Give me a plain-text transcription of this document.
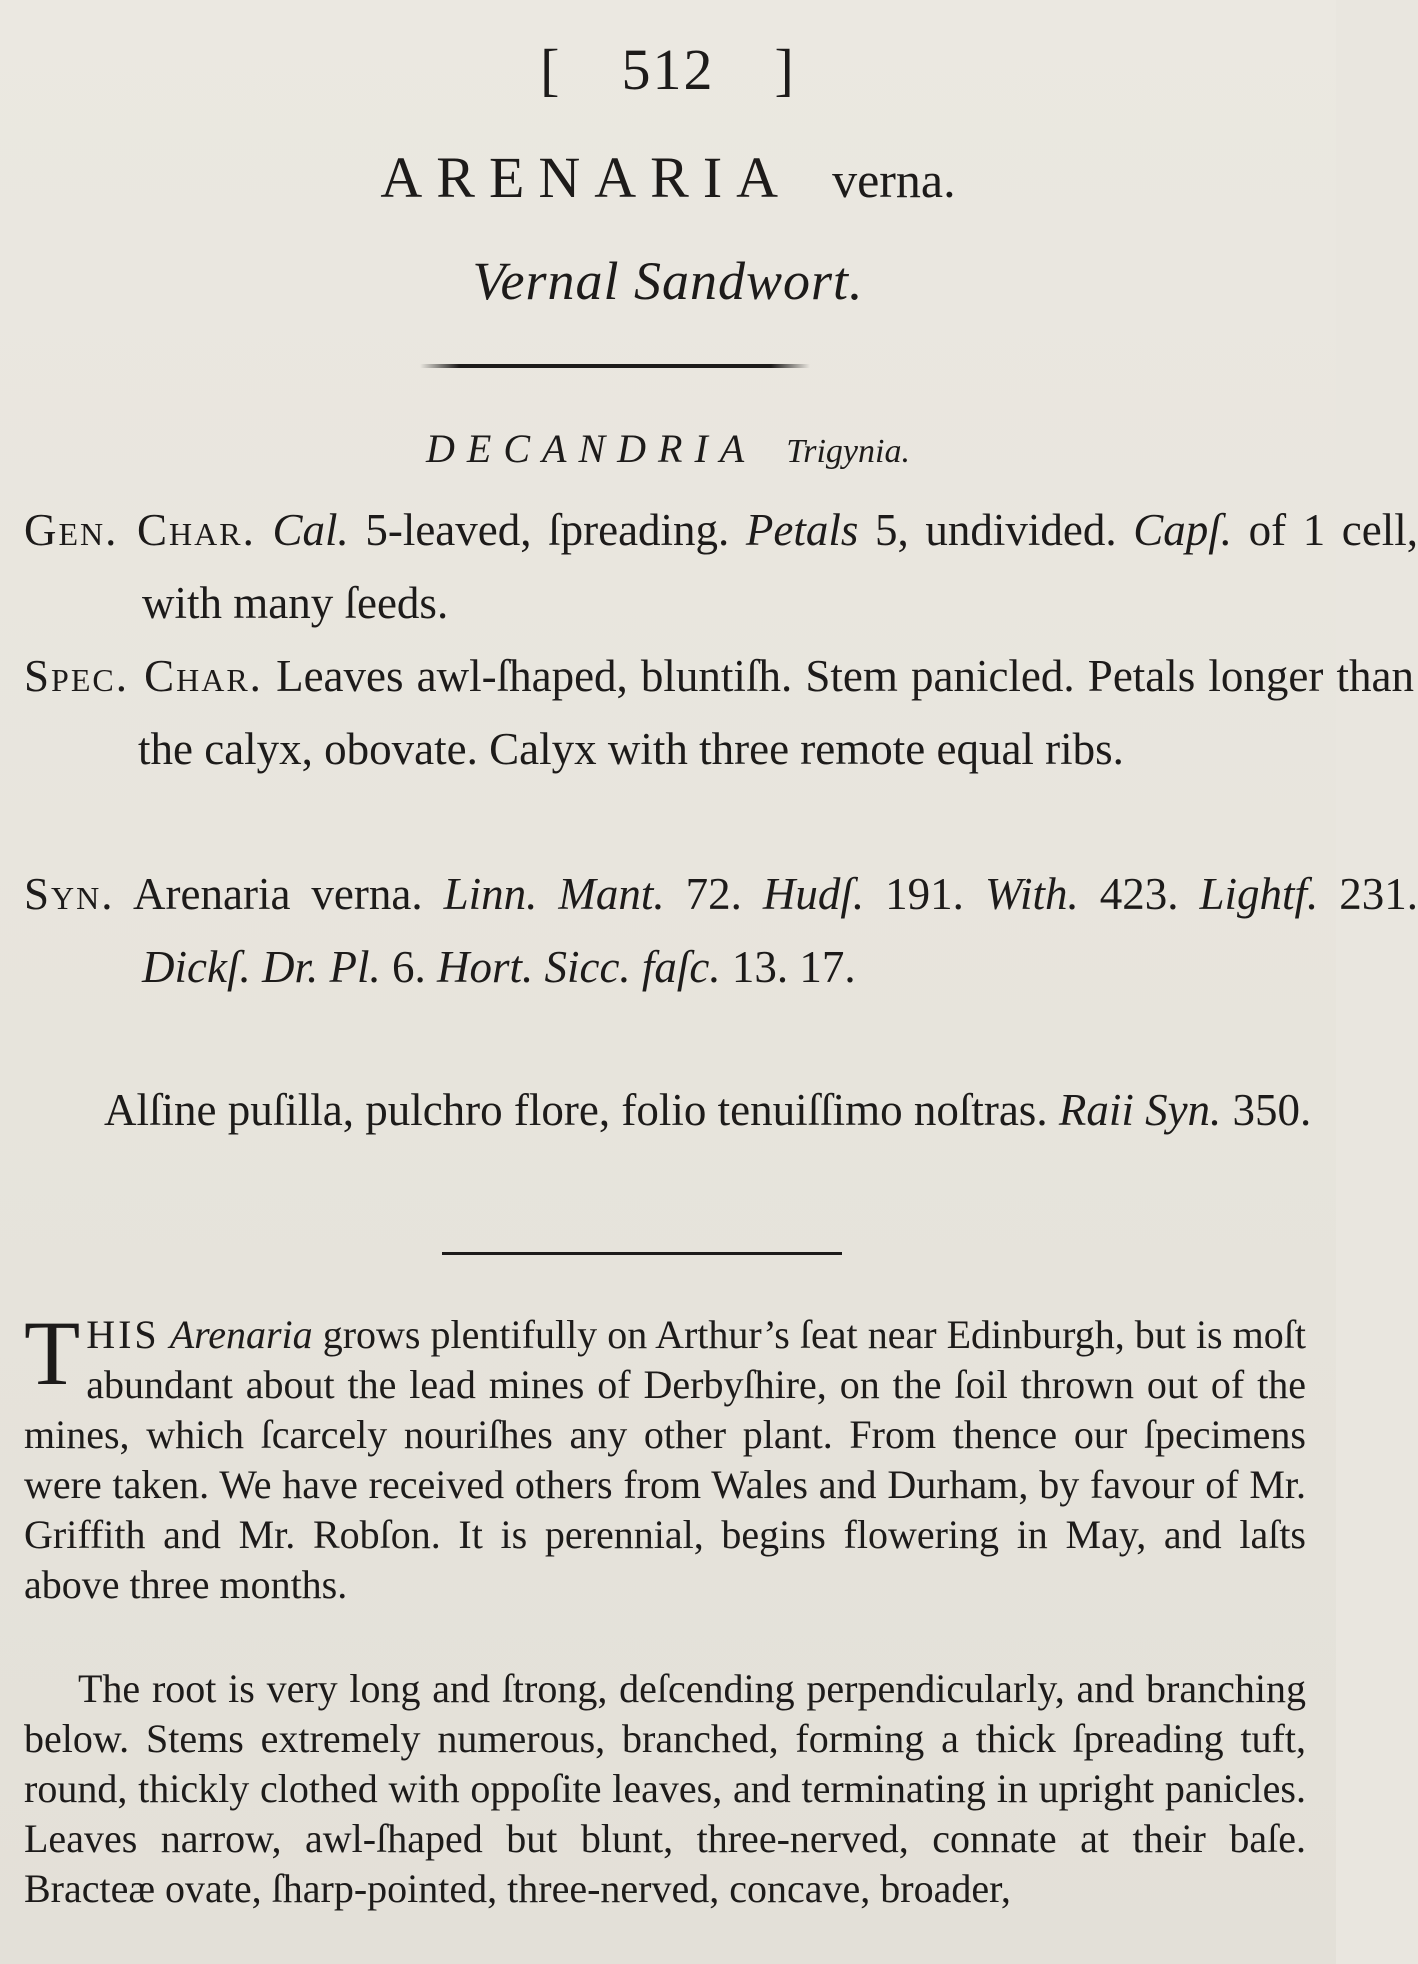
[ 512 ]
ARENARIA verna.
Vernal Sandwort.
DECANDRIA Trigynia.
Gen. Char. Cal. 5-leaved, ſpreading. Petals 5, undivided. Capſ. of 1 cell, with many ſeeds.
Spec. Char. Leaves awl-ſhaped, bluntiſh. Stem panicled. Petals longer than the calyx, obovate. Calyx with three remote equal ribs.
Syn. Arenaria verna. Linn. Mant. 72. Hudſ. 191. With. 423. Lightf. 231. Dickſ. Dr. Pl. 6. Hort. Sicc. faſc. 13. 17.
Alſine puſilla, pulchro flore, folio tenuiſſimo noſtras. Raii Syn. 350.
THIS Arenaria grows plentifully on Arthur’s ſeat near Edinburgh, but is moſt abundant about the lead mines of Derbyſhire, on the ſoil thrown out of the mines, which ſcarcely nouriſhes any other plant. From thence our ſpecimens were taken. We have received others from Wales and Durham, by favour of Mr. Griffith and Mr. Robſon. It is perennial, begins flowering in May, and laſts above three months.
The root is very long and ſtrong, deſcending perpendicularly, and branching below. Stems extremely numerous, branched, forming a thick ſpreading tuft, round, thickly clothed with oppoſite leaves, and terminating in upright panicles. Leaves narrow, awl-ſhaped but blunt, three-nerved, connate at their baſe. Bracteæ ovate, ſharp-pointed, three-nerved, concave, broader,
